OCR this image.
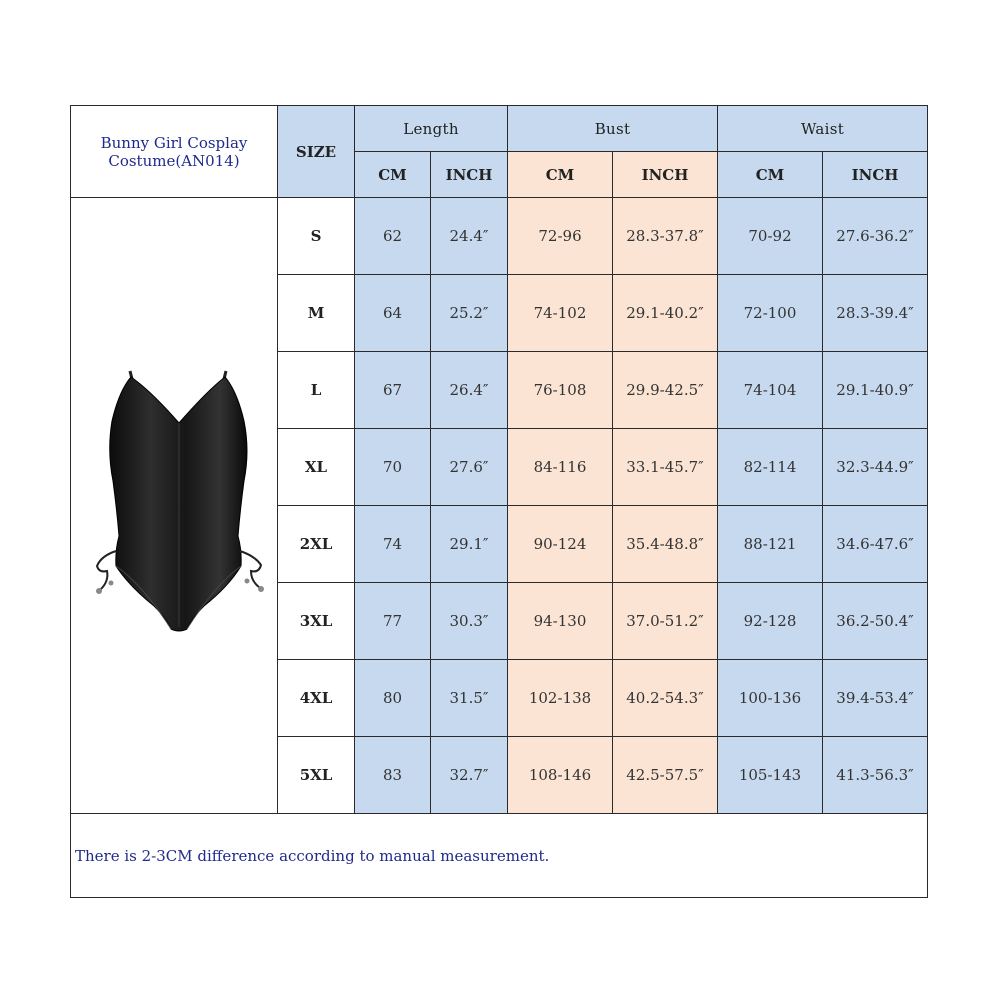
Bunny Girl Cosplay
Costume(AN014)	SIZE	Length		Bust		Waist	
		CM	INCH	CM	INCH	CM	INCH

	S	62	24.4″	72-96	28.3-37.8″	70-92	27.6-36.2″
	M	64	25.2″	74-102	29.1-40.2″	72-100	28.3-39.4″
	L	67	26.4″	76-108	29.9-42.5″	74-104	29.1-40.9″
	XL	70	27.6″	84-116	33.1-45.7″	82-114	32.3-44.9″
	2XL	74	29.1″	90-124	35.4-48.8″	88-121	34.6-47.6″
	3XL	77	30.3″	94-130	37.0-51.2″	92-128	36.2-50.4″
	4XL	80	31.5″	102-138	40.2-54.3″	100-136	39.4-53.4″
	5XL	83	32.7″	108-146	42.5-57.5″	105-143	41.3-56.3″
There is 2-3CM difference according to manual measurement.							
